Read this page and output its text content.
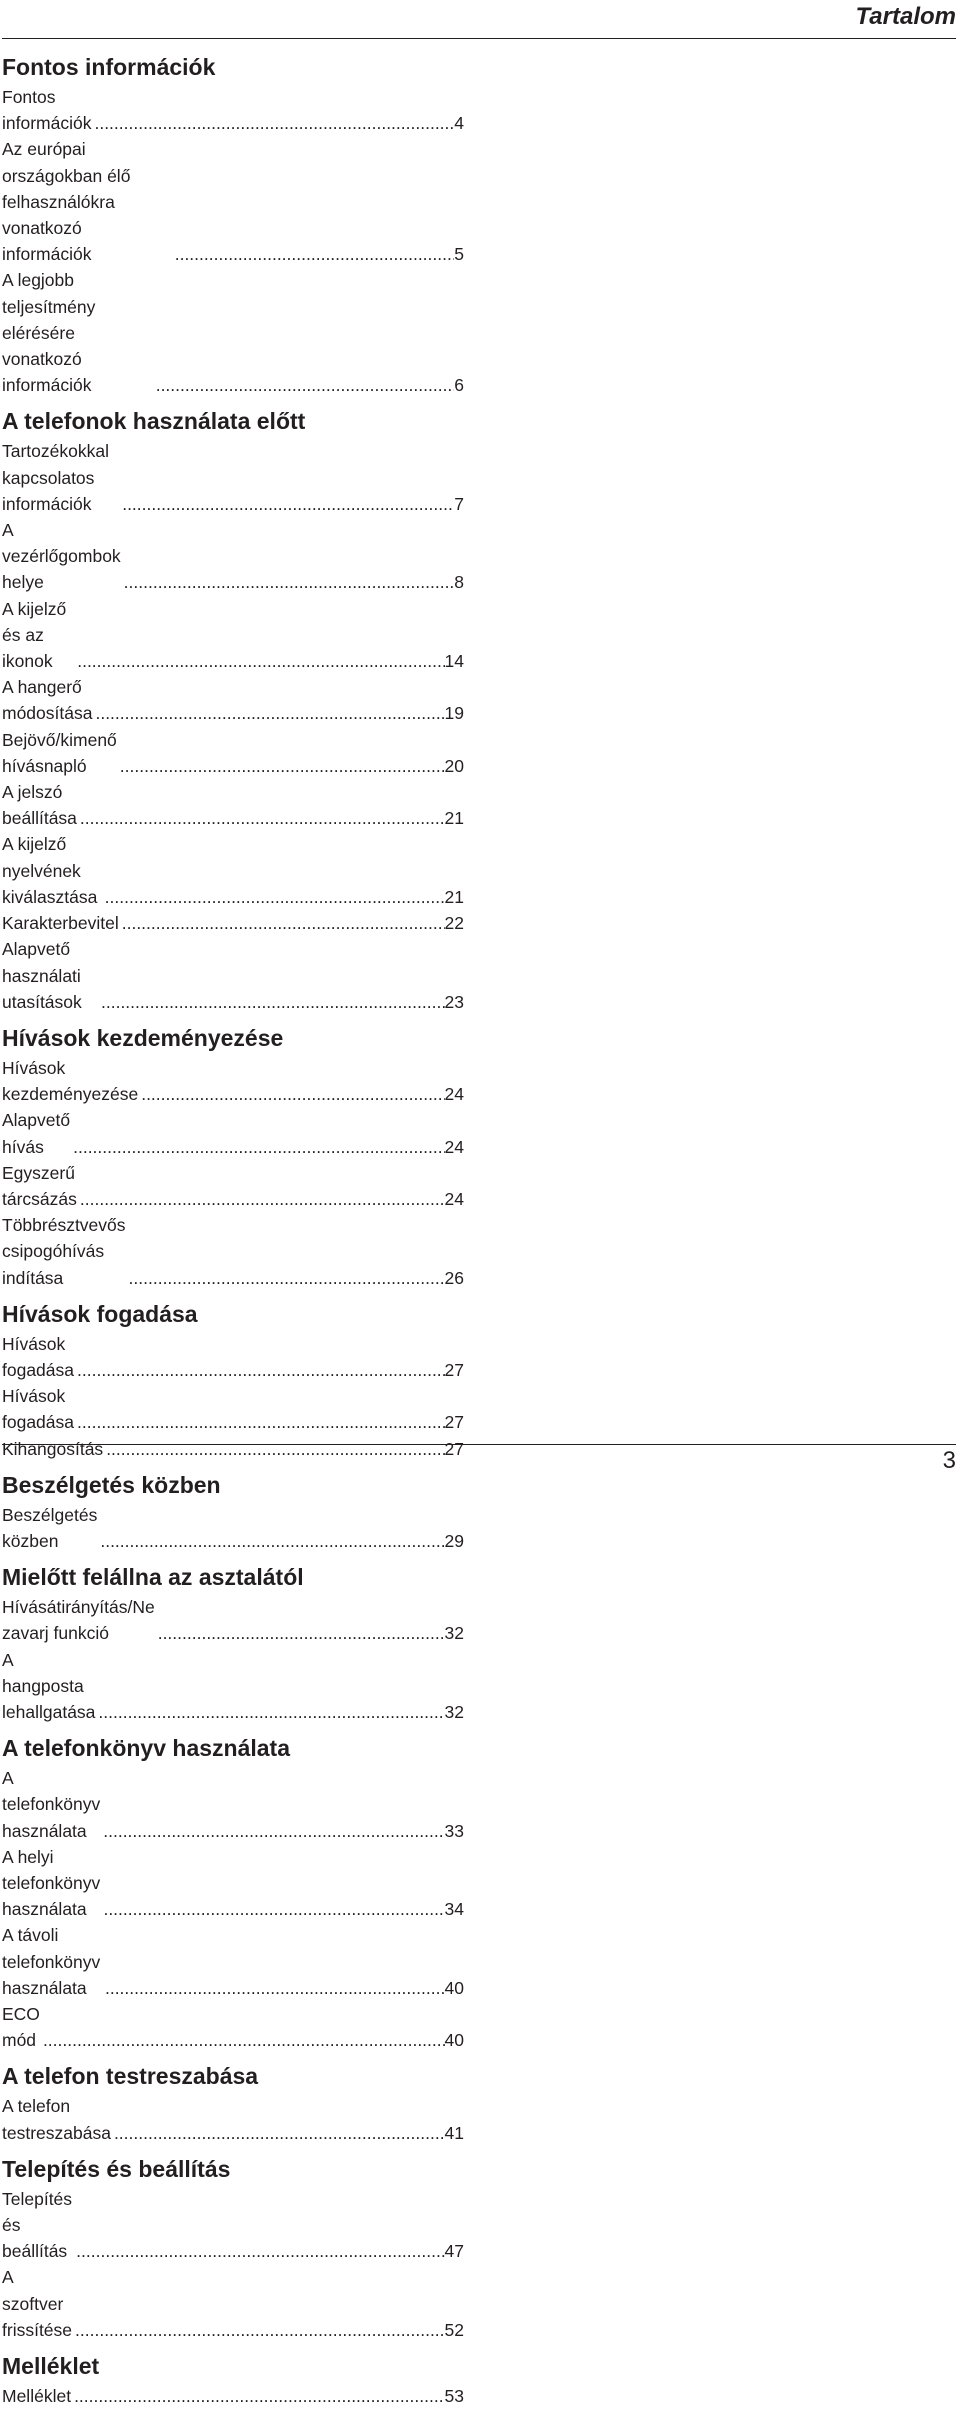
Tartalom
Fontos információk
Fontos információk .....	4
Az európai országokban élő felhasználókra vonatkozó információk .....	5
A legjobb teljesítmény elérésére vonatkozó információk .....	6
A telefonok használata előtt
Tartozékokkal kapcsolatos információk .....	7
A vezérlőgombok helye .....	8
A kijelző és az ikonok .....	14
A hangerő módosítása .....	19
Bejövő/kimenő hívásnapló .....	20
A jelszó beállítása .....	21
A kijelző nyelvének kiválasztása .....	21
Karakterbevitel .....	22
Alapvető használati utasítások .....	23
Hívások kezdeményezése
Hívások kezdeményezése .....	24
Alapvető hívás .....	24
Egyszerű tárcsázás .....	24
Többrésztvevős csipogóhívás indítása .....	26
Hívások fogadása
Hívások fogadása .....	27
Hívások fogadása .....	27
Kihangosítás .....	27
Beszélgetés közben
Beszélgetés közben .....	29
Mielőtt felállna az asztalától
Hívásátirányítás/Ne zavarj funkció .....	32
A hangposta lehallgatása .....	32
A telefonkönyv használata
A telefonkönyv használata .....	33
A helyi telefonkönyv használata .....	34
A távoli telefonkönyv használata .....	40
ECO mód .....	40
A telefon testreszabása
A telefon testreszabása .....	41
Telepítés és beállítás
Telepítés és beállítás .....	47
A szoftver frissítése .....	52
Melléklet
Melléklet .....	53
3
